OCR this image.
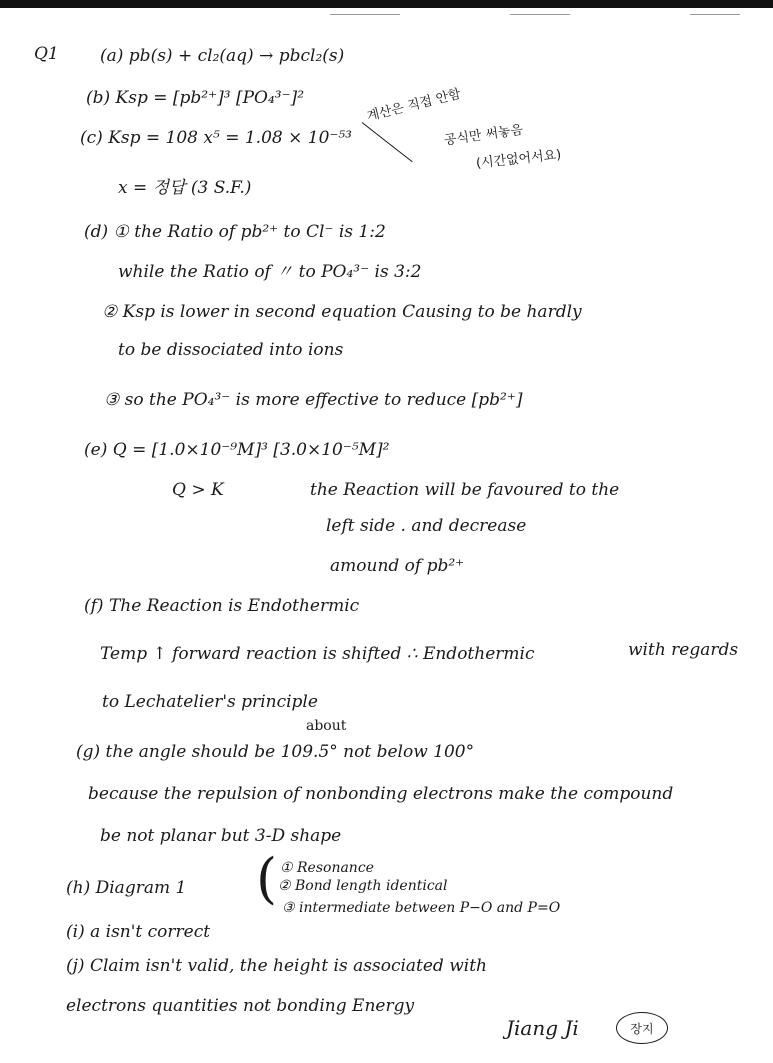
Q1 (a) pb(s) + cl₂(aq) → pbcl₂(s)
(b) Ksp = [pb²⁺]³ [PO₄³⁻]²
(c) Ksp = 108 x⁵ = 1.08 × 10⁻⁵³
계산은 직접 안함
공식만 써놓음
(시간없어서요)
x = 정답 (3 S.F.)
(d) ① the Ratio of pb²⁺ to Cl⁻ is 1:2
while the Ratio of 〃 to PO₄³⁻ is 3:2
② Ksp is lower in second equation Causing to be hardly
to be dissociated into ions
③ so the PO₄³⁻ is more effective to reduce [pb²⁺]
(e) Q = [1.0×10⁻⁹M]³ [3.0×10⁻⁵M]²
Q > K	the Reaction will be favoured to the
left side . and decrease
amound of pb²⁺
(f) The Reaction is Endothermic
Temp ↑ forward reaction is shifted ∴ Endothermic	with regards
to Lechatelier's principle
about
(g) the angle should be 109.5° not below 100°
because the repulsion of nonbonding electrons make the compound
be not planar but 3-D shape
(h) Diagram 1 ( ① Resonance
② Bond length identical
③ intermediate between P−O and P=O
(i) a isn't correct
(j) Claim isn't valid, the height is associated with
electrons quantities not bonding Energy
Jiang Ji	장지
